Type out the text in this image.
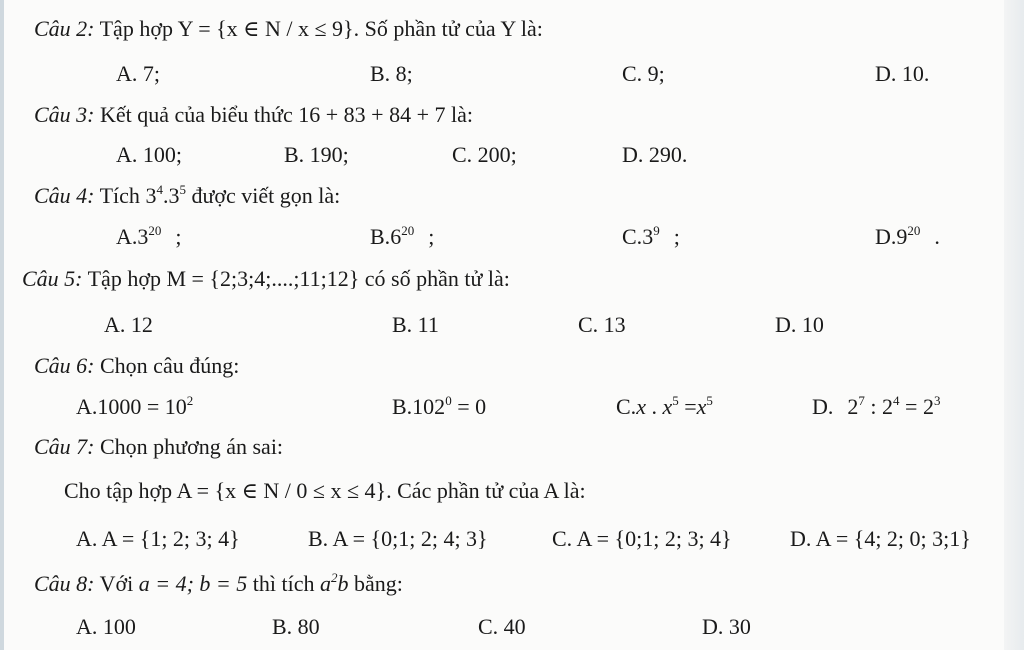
Câu 2: Tập hợp Y = {x ∈ N / x ≤ 9}. Số phần tử của Y là:
A. 7;	B. 8;	C. 9;	D. 10.
Câu 3: Kết quả của biểu thức 16 + 83 + 84 + 7 là:
A. 100;	B. 190;	C. 200;	D. 290.
Câu 4: Tích $3^4.3^5$ được viết gọn là:
$A.3^{20}$ ;	$B.6^{20}$ ;	$C.3^9$ ;	$D.9^{20}$ .
Câu 5: Tập hợp M = {2;3;4;....;11;12} có số phần tử là:
A. 12	B. 11	C. 13	D. 10
Câu 6: Chọn câu đúng:
$A.1000 = 10^2$	$B.102^0 = 0$	C.x . $x^5 =x^5$	D. $2^7$ : $2^4 = 2^3$
Câu 7: Chọn phương án sai:
Cho tập hợp A = {x ∈ N / 0 ≤ x ≤ 4}. Các phần tử của A là:
A. A = {1; 2; 3; 4}	B. A = {0;1; 2; 4; 3}	C. A = {0;1; 2; 3; 4}	D. A = {4; 2; 0; 3;1}
Câu 8: Với a = 4; b = 5 thì tích $a^2b$ bằng:
A. 100	B. 80	C. 40	D. 30
